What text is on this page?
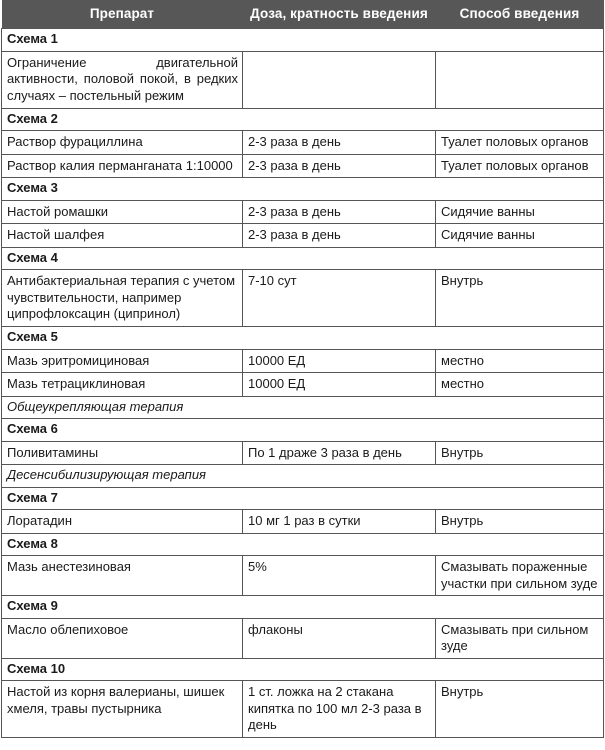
Препарат	Доза, кратность введения	Способ введения
Схема 1		
Ограничение двигательной активности, половой покой, в редких случаях – постельный режим		
Схема 2		
Раствор фурациллина	2-3 раза в день	Туалет половых органов
Раствор калия перманганата 1:10000	2-3 раза в день	Туалет половых органов
Схема 3		
Настой ромашки	2-3 раза в день	Сидячие ванны
Настой шалфея	2-3 раза в день	Сидячие ванны
Схема 4		
Антибактериальная терапия с учетом чувствительности, например ципрофлоксацин (ципринол)	7-10 сут	Внутрь
Схема 5		
Мазь эритромициновая	10000 ЕД	местно
Мазь тетрациклиновая	10000 ЕД	местно
Общеукрепляющая терапия		
Схема 6		
Поливитамины	По 1 драже 3 раза в день	Внутрь
Десенсибилизирующая терапия		
Схема 7		
Лоратадин	10 мг 1 раз в сутки	Внутрь
Схема 8		
Мазь анестезиновая	5%	Смазывать пораженные участки при сильном зуде
Схема 9		
Масло облепиховое	флаконы	Смазывать при сильном зуде
Схема 10		
Настой из корня валерианы, шишек хмеля, травы пустырника	1 ст. ложка на 2 стакана кипятка по 100 мл 2-3 раза в день	Внутрь
